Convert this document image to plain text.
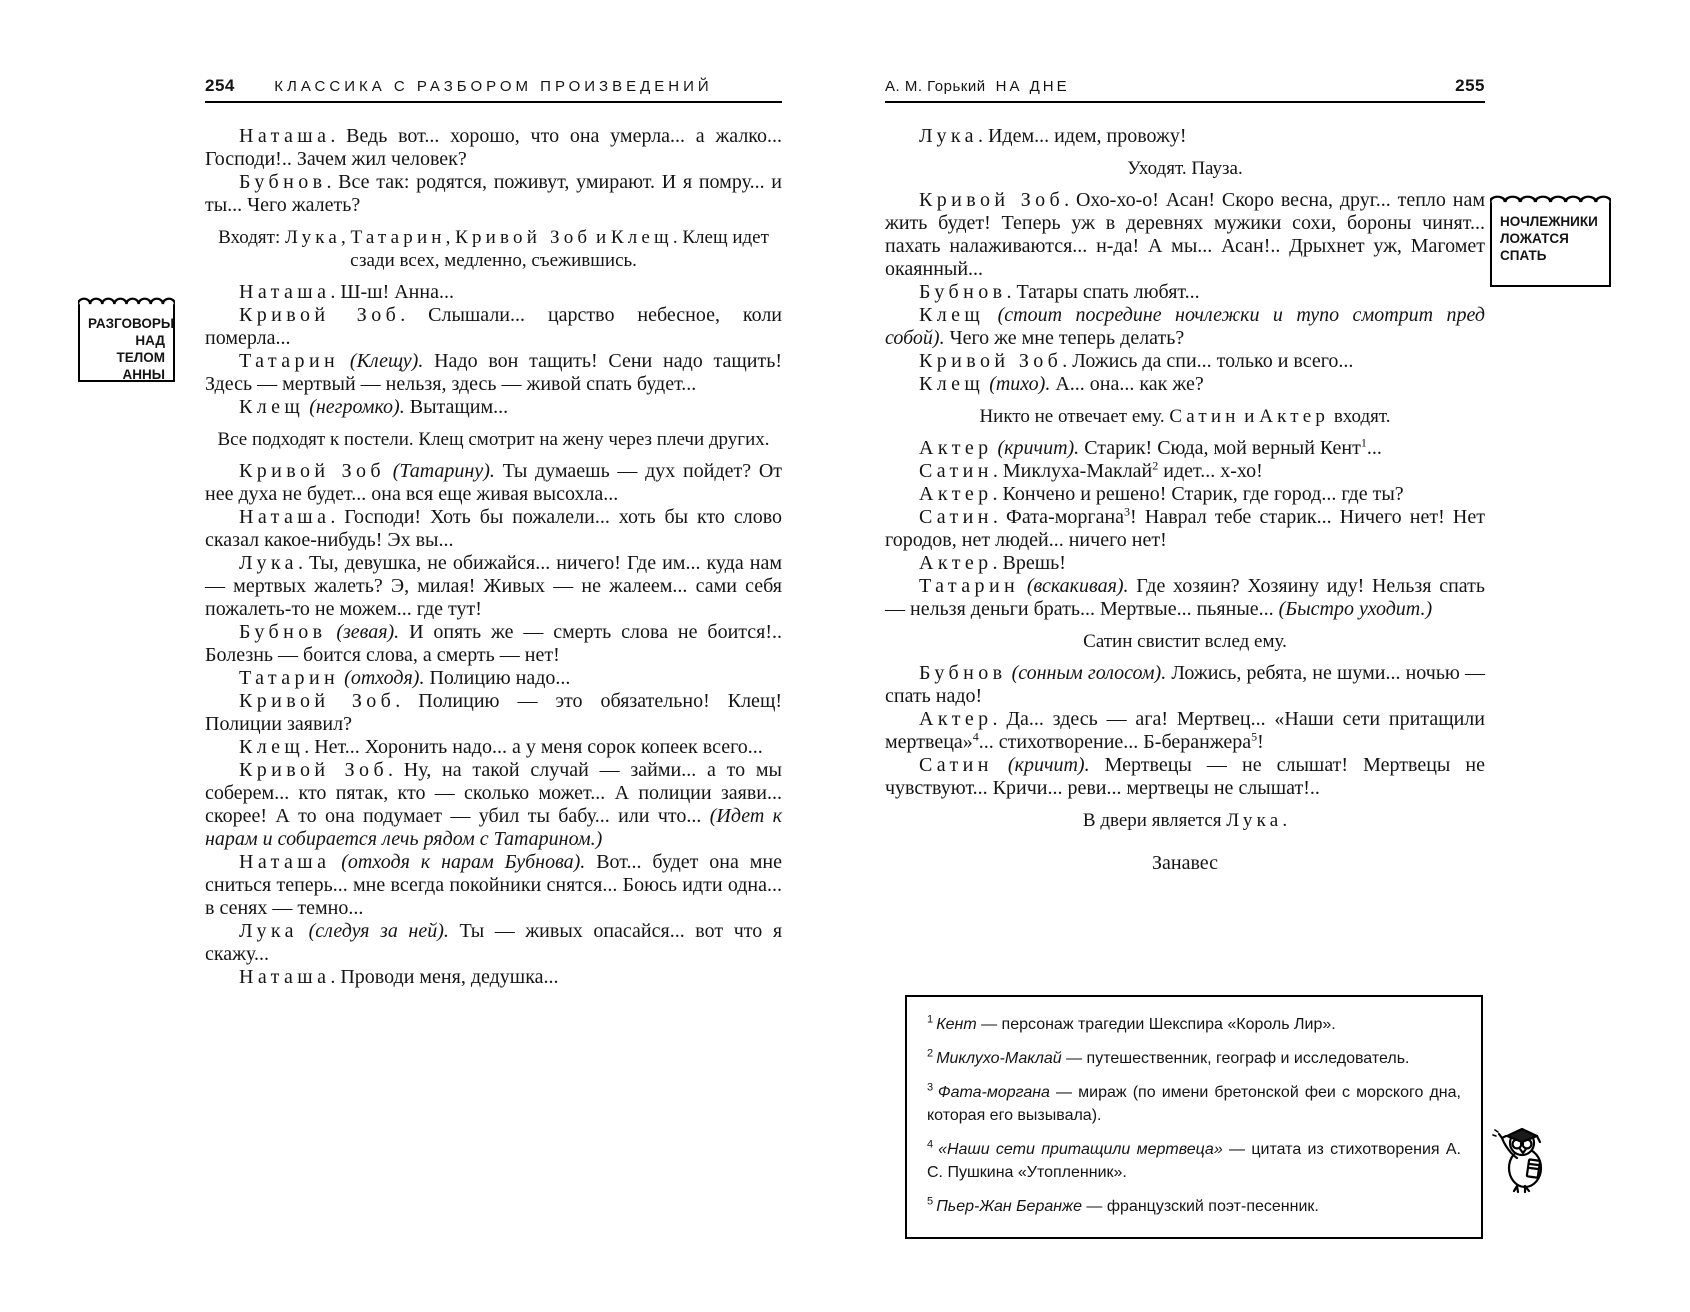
254	КЛАССИКА С РАЗБОРОМ ПРОИЗВЕДЕНИЙ

Наташа. Ведь вот... хорошо, что она умерла... а жалко... Господи!.. Зачем жил человек?

Бубнов. Все так: родятся, поживут, умирают. И я помру... и ты... Чего жалеть?

Входят: Лука, Татарин, Кривой Зоб и Клещ. Клещ идет сзади всех, медленно, съежившись.

Наташа. Ш-ш! Анна...

Кривой Зоб. Слышали... царство небесное, коли померла...

Татарин (Клещу). Надо вон тащить! Сени надо тащить! Здесь — мертвый — нельзя, здесь — живой спать будет...

Клещ (негромко). Вытащим...

Все подходят к постели. Клещ смотрит на жену через плечи других.

Кривой Зоб (Татарину). Ты думаешь — дух пойдет? От нее духа не будет... она вся еще живая высохла...

Наташа. Господи! Хоть бы пожалели... хоть бы кто слово сказал какое-нибудь! Эх вы...

Лука. Ты, девушка, не обижайся... ничего! Где им... куда нам — мертвых жалеть? Э, милая! Живых — не жалеем... сами себя пожалеть-то не можем... где тут!

Бубнов (зевая). И опять же — смерть слова не боится!.. Болезнь — боится слова, а смерть — нет!

Татарин (отходя). Полицию надо...

Кривой Зоб. Полицию — это обязательно! Клещ! Полиции заявил?

Клещ. Нет... Хоронить надо... а у меня сорок копеек всего...

Кривой Зоб. Ну, на такой случай — займи... а то мы соберем... кто пятак, кто — сколько может... А полиции заяви... скорее! А то она подумает — убил ты бабу... или что... (Идет к нарам и собирается лечь рядом с Татарином.)

Наташа (отходя к нарам Бубнова). Вот... будет она мне сниться теперь... мне всегда покойники снятся... Боюсь идти одна... в сенях — темно...

Лука (следуя за ней). Ты — живых опасайся... вот что я скажу...

Наташа. Проводи меня, дедушка...

А. М. Горький НА ДНЕ	255

Лука. Идем... идем, провожу!

Уходят. Пауза.

Кривой Зоб. Охо-хо-о! Асан! Скоро весна, друг... тепло нам жить будет! Теперь уж в деревнях мужики сохи, бороны чинят... пахать налаживаются... н-да! А мы... Асан!.. Дрыхнет уж, Магомет окаянный...

Бубнов. Татары спать любят...

Клещ (стоит посредине ночлежки и тупо смотрит пред собой). Чего же мне теперь делать?

Кривой Зоб. Ложись да спи... только и всего...

Клещ (тихо). А... она... как же?

Никто не отвечает ему. Сатин и Актер входят.

Актер (кричит). Старик! Сюда, мой верный Кент$^1$...

Сатин. Миклуха-Маклай$^2$ идет... х-хо!

Актер. Кончено и решено! Старик, где город... где ты?

Сатин. Фата-моргана$^3$! Наврал тебе старик... Ничего нет! Нет городов, нет людей... ничего нет!

Актер. Врешь!

Татарин (вскакивая). Где хозяин? Хозяину иду! Нельзя спать — нельзя деньги брать... Мертвые... пьяные... (Быстро уходит.)

Сатин свистит вслед ему.

Бубнов (сонным голосом). Ложись, ребята, не шуми... ночью — спать надо!

Актер. Да... здесь — ага! Мертвец... «Наши сети притащили мертвеца»$^4$... стихотворение... Б-беранжера$^5$!

Сатин (кричит). Мертвецы — не слышат! Мертвецы не чувствуют... Кричи... реви... мертвецы не слышат!..

В двери является Лука.

Занавес

РАЗГОВОРЫ
НАД ТЕЛОМ
АННЫ
НОЧЛЕЖНИКИ
ЛОЖАТСЯ
СПАТЬ
$^1$ Кент — персонаж трагедии Шекспира «Король Лир».
$^2$ Миклухо-Маклай — путешественник, географ и исследователь.
$^3$ Фата-моргана — мираж (по имени бретонской феи с морского дна, которая его вызывала).
$^4$ «Наши сети притащили мертвеца» — цитата из стихотворения А. С. Пушкина «Утопленник».
$^5$ Пьер-Жан Беранже — французский поэт-песенник.
